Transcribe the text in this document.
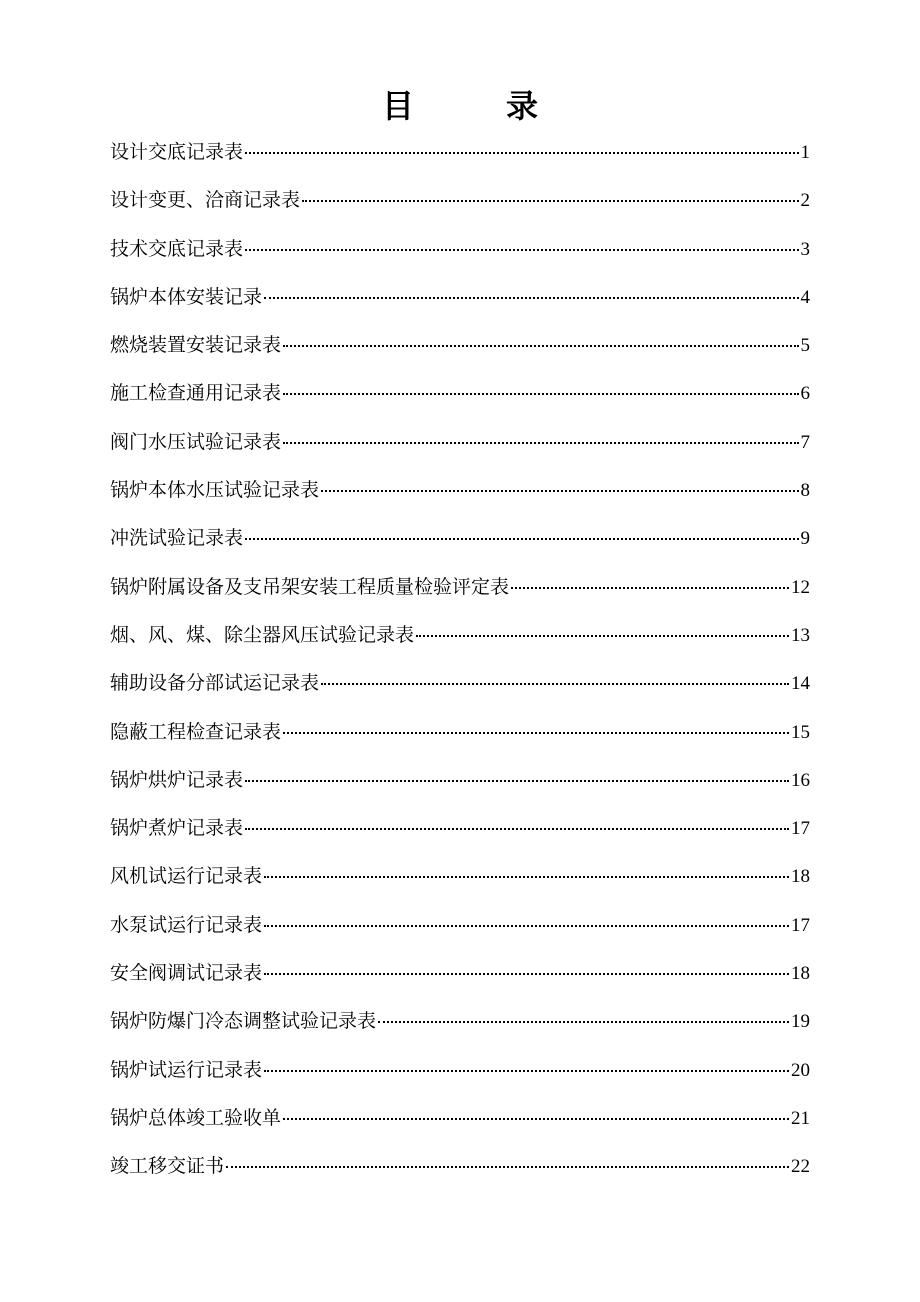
目　录
设计交底记录表	1
设计变更、洽商记录表	2
技术交底记录表	3
锅炉本体安装记录	4
燃烧装置安装记录表	5
施工检查通用记录表	6
阀门水压试验记录表	7
锅炉本体水压试验记录表	8
冲洗试验记录表	9
锅炉附属设备及支吊架安装工程质量检验评定表	12
烟、风、煤、除尘器风压试验记录表	13
辅助设备分部试运记录表	14
隐蔽工程检查记录表	15
锅炉烘炉记录表	16
锅炉煮炉记录表	17
风机试运行记录表	18
水泵试运行记录表	17
安全阀调试记录表	18
锅炉防爆门冷态调整试验记录表	19
锅炉试运行记录表	20
锅炉总体竣工验收单	21
竣工移交证书	22
